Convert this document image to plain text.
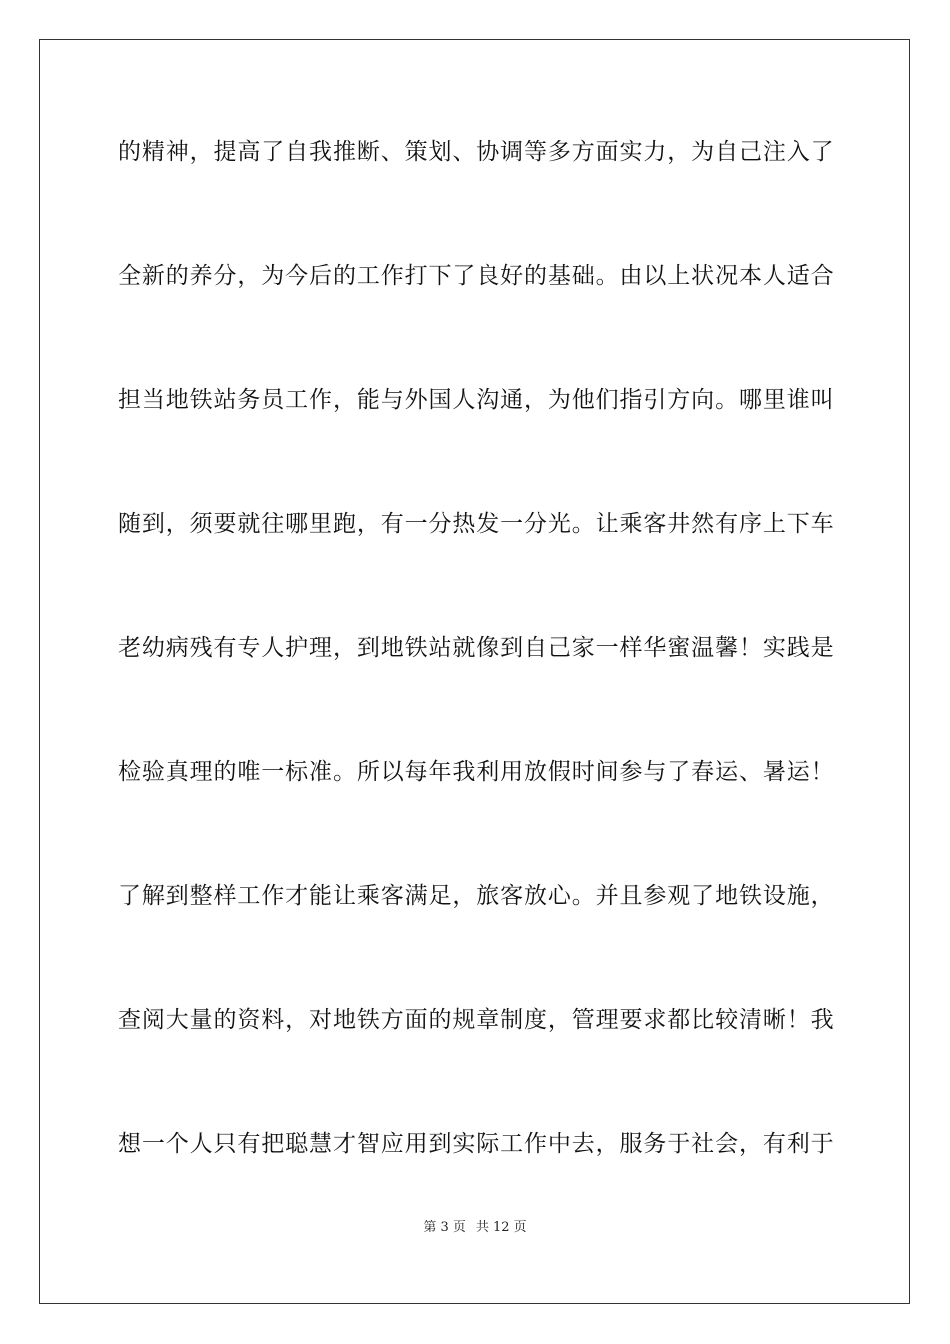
的精神，提高了自我推断、策划、协调等多方面实力，为自己注入了
全新的养分，为今后的工作打下了良好的基础。由以上状况本人适合
担当地铁站务员工作，能与外国人沟通，为他们指引方向。哪里谁叫
随到，须要就往哪里跑，有一分热发一分光。让乘客井然有序上下车
老幼病残有专人护理，到地铁站就像到自己家一样华蜜温馨！实践是
检验真理的唯一标准。所以每年我利用放假时间参与了春运、暑运！
了解到整样工作才能让乘客满足，旅客放心。并且参观了地铁设施，
查阅大量的资料，对地铁方面的规章制度，管理要求都比较清晰！我
想一个人只有把聪慧才智应用到实际工作中去，服务于社会，有利于
第 3 页 共 12 页
